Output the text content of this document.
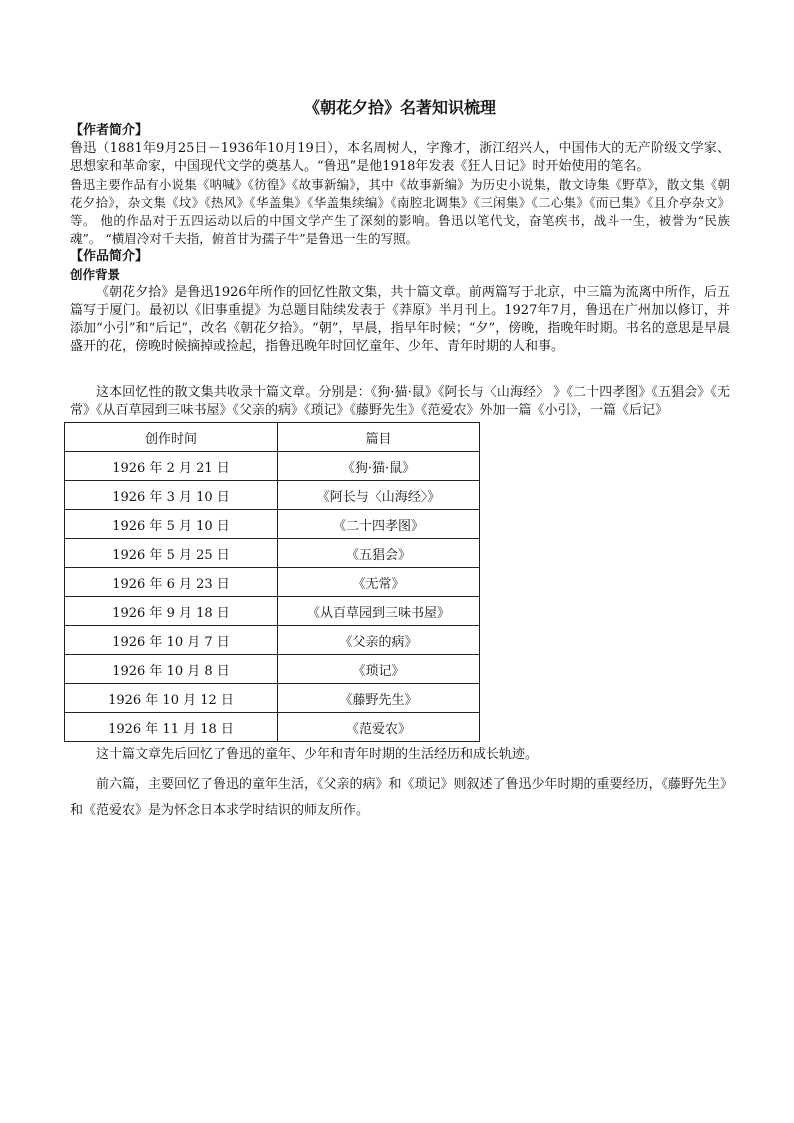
《朝花夕拾》名著知识梳理
【作者简介】

鲁迅（1881年9月25日－1936年10月19日），本名周树人，字豫才，浙江绍兴人，中国伟大的无产阶级文学家、思想家和革命家，中国现代文学的奠基人。“鲁迅”是他1918年发表《狂人日记》时开始使用的笔名。

鲁迅主要作品有小说集《呐喊》《彷徨》《故事新编》，其中《故事新编》为历史小说集，散文诗集《野草》，散文集《朝花夕拾》，杂文集《坟》《热风》《华盖集》《华盖集续编》《南腔北调集》《三闲集》《二心集》《而已集》《且介亭杂文》等。 他的作品对于五四运动以后的中国文学产生了深刻的影响。鲁迅以笔代戈，奋笔疾书，战斗一生，被誉为“民族魂”。 “横眉冷对千夫指，俯首甘为孺子牛”是鲁迅一生的写照。

【作品简介】
创作背景

《朝花夕拾》是鲁迅1926年所作的回忆性散文集，共十篇文章。前两篇写于北京，中三篇为流离中所作，后五篇写于厦门。最初以《旧事重提》为总题目陆续发表于《莽原》半月刊上。1927年7月，鲁迅在广州加以修订，并添加“小引”和“后记”，改名《朝花夕拾》。“朝”，早晨，指早年时候；“夕”，傍晚，指晚年时期。书名的意思是早晨盛开的花，傍晚时候摘掉或捡起，指鲁迅晚年时回忆童年、少年、青年时期的人和事。

这本回忆性的散文集共收录十篇文章。分别是：《狗·猫·鼠》《阿长与〈山海经〉 》《二十四孝图》《五猖会》《无常》《从百草园到三味书屋》《父亲的病》《琐记》《藤野先生》《范爱农》外加一篇《小引》，一篇《后记》

创作时间	篇目
1926 年 2 月 21 日	《狗·猫·鼠》
1926 年 3 月 10 日	《阿长与〈山海经〉》
1926 年 5 月 10 日	《二十四孝图》
1926 年 5 月 25 日	《五猖会》
1926 年 6 月 23 日	《无常》
1926 年 9 月 18 日	《从百草园到三味书屋》
1926 年 10 月 7 日	《父亲的病》
1926 年 10 月 8 日	《琐记》
1926 年 10 月 12 日	《藤野先生》
1926 年 11 月 18 日	《范爱农》

这十篇文章先后回忆了鲁迅的童年、少年和青年时期的生活经历和成长轨迹。

前六篇，主要回忆了鲁迅的童年生活，《父亲的病》和《琐记》则叙述了鲁迅少年时期的重要经历，《藤野先生》和《范爱农》是为怀念日本求学时结识的师友所作。
